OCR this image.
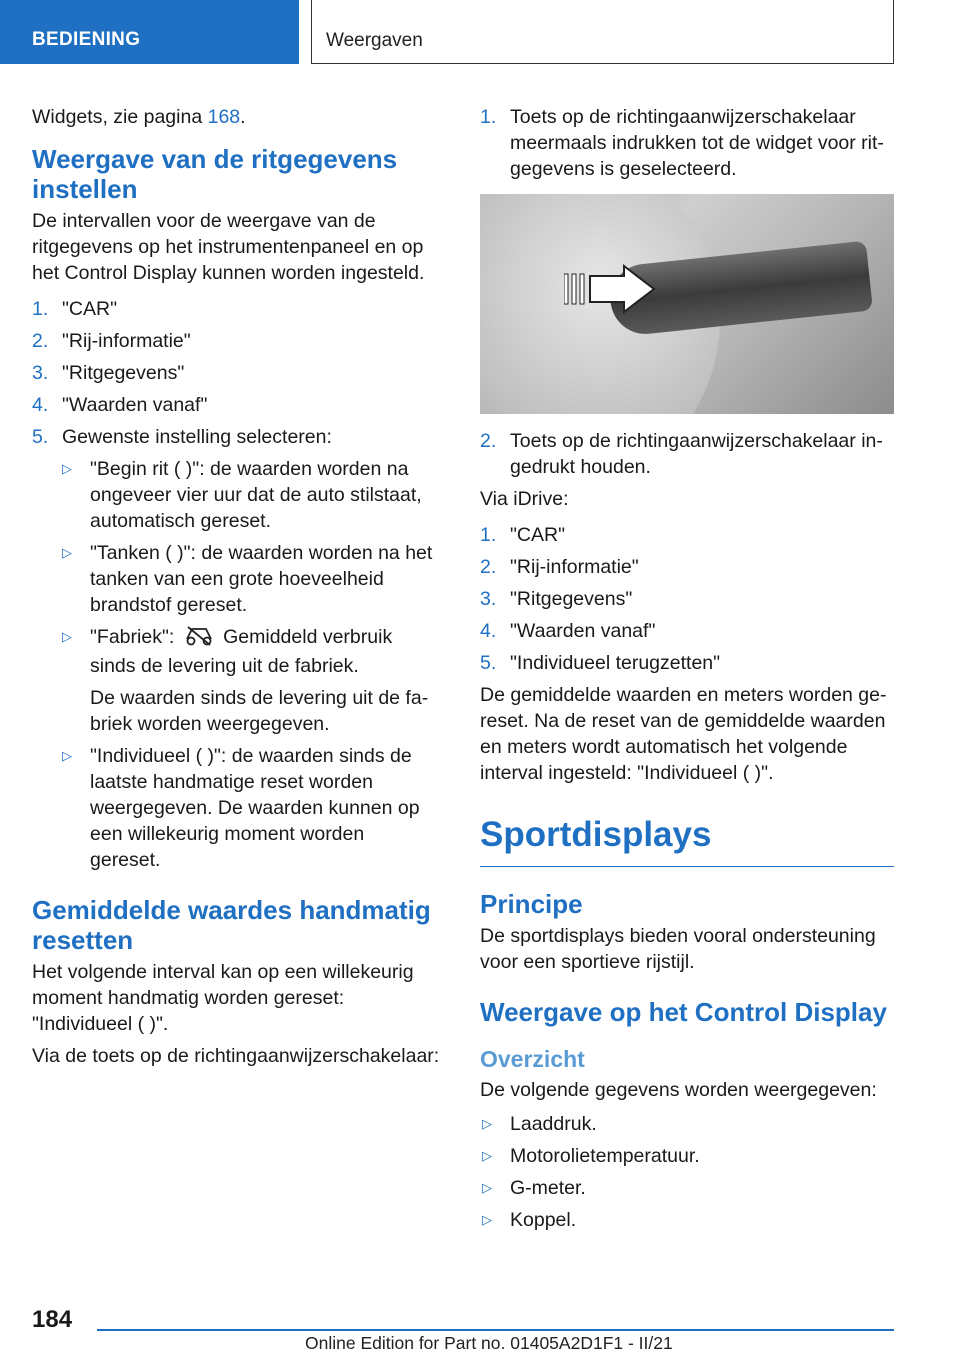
BEDIENING	Weergaven

Widgets, zie pagina 168.

Weergave van de ritgegevens instellen

De intervallen voor de weergave van de ritgegevens op het instrumentenpaneel en op het Control Display kunnen worden ingesteld.

1. "CAR"
2. "Rij-informatie"
3. "Ritgegevens"
4. "Waarden vanaf"
5. Gewenste instelling selecteren:
▷ "Begin rit ( )": de waarden worden na ongeveer vier uur dat de auto stilstaat, automatisch gereset.
▷ "Tanken ( )": de waarden worden na het tanken van een grote hoeveelheid brandstof gereset.
▷ "Fabriek":  Gemiddeld verbruik sinds de levering uit de fabriek.

De waarden sinds de levering uit de fabriek worden weergegeven.

▷ "Individueel ( )": de waarden sinds de laatste handmatige reset worden weergegeven. De waarden kunnen op een willekeurig moment worden gereset.
Gemiddelde waardes handmatig resetten

Het volgende interval kan op een willekeurig moment handmatig worden gereset: "Individueel ( )".

Via de toets op de richtingaanwijzerschakelaar:

1. Toets op de richtingaanwijzerschakelaar meermaals indrukken tot de widget voor ritgegevens is geselecteerd.
2. Toets op de richtingaanwijzerschakelaar ingedrukt houden.

Via iDrive:

1. "CAR"
2. "Rij-informatie"
3. "Ritgegevens"
4. "Waarden vanaf"
5. "Individueel terugzetten"

De gemiddelde waarden en meters worden gereset. Na de reset van de gemiddelde waarden en meters wordt automatisch het volgende interval ingesteld: "Individueel ( )".

Sportdisplays
Principe

De sportdisplays bieden vooral ondersteuning voor een sportieve rijstijl.

Weergave op het Control Display
Overzicht

De volgende gegevens worden weergegeven:

▷ Laaddruk.
▷ Motorolietemperatuur.
▷ G-meter.
▷ Koppel.
184
Online Edition for Part no. 01405A2D1F1 - II/21
